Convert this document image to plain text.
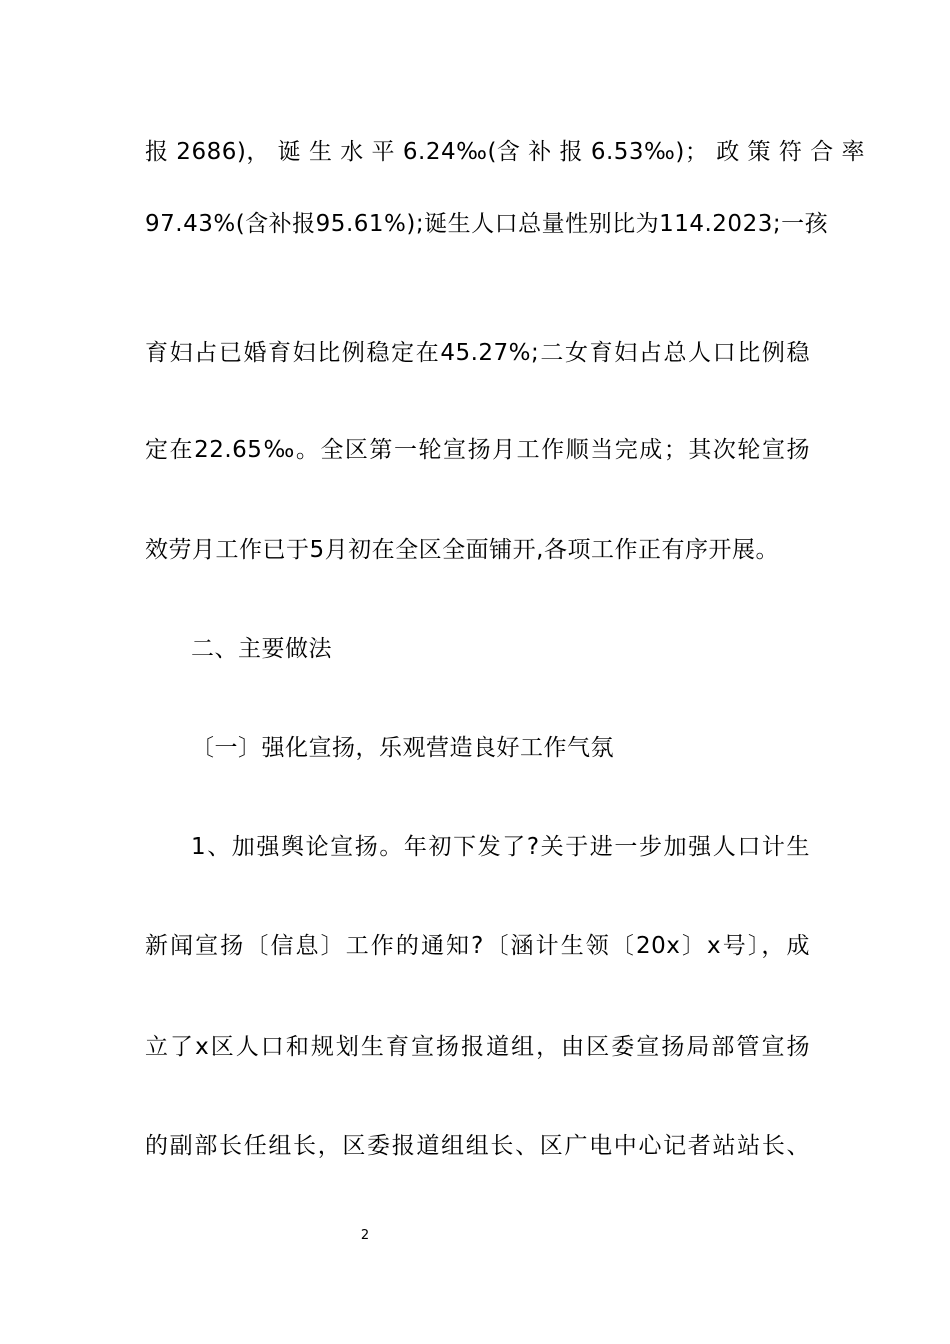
报 2686)， 诞 生 水 平 6.24‰(含 补 报 6.53‰)； 政 策 符 合 率
97.43%(含补报95.61%);诞生人口总量性别比为114.2023;一孩
育妇占已婚育妇比例稳定在45.27%;二女育妇占总人口比例稳
定在22.65‰。全区第一轮宣扬月工作顺当完成；其次轮宣扬
效劳月工作已于5月初在全区全面铺开,各项工作正有序开展。
二、主要做法
〔一〕强化宣扬，乐观营造良好工作气氛
1、加强舆论宣扬。年初下发了?关于进一步加强人口计生
新闻宣扬〔信息〕工作的通知?〔涵计生领〔20x〕x号〕，成
立了x区人口和规划生育宣扬报道组，由区委宣扬局部管宣扬
的副部长任组长，区委报道组组长、区广电中心记者站站长、
2
